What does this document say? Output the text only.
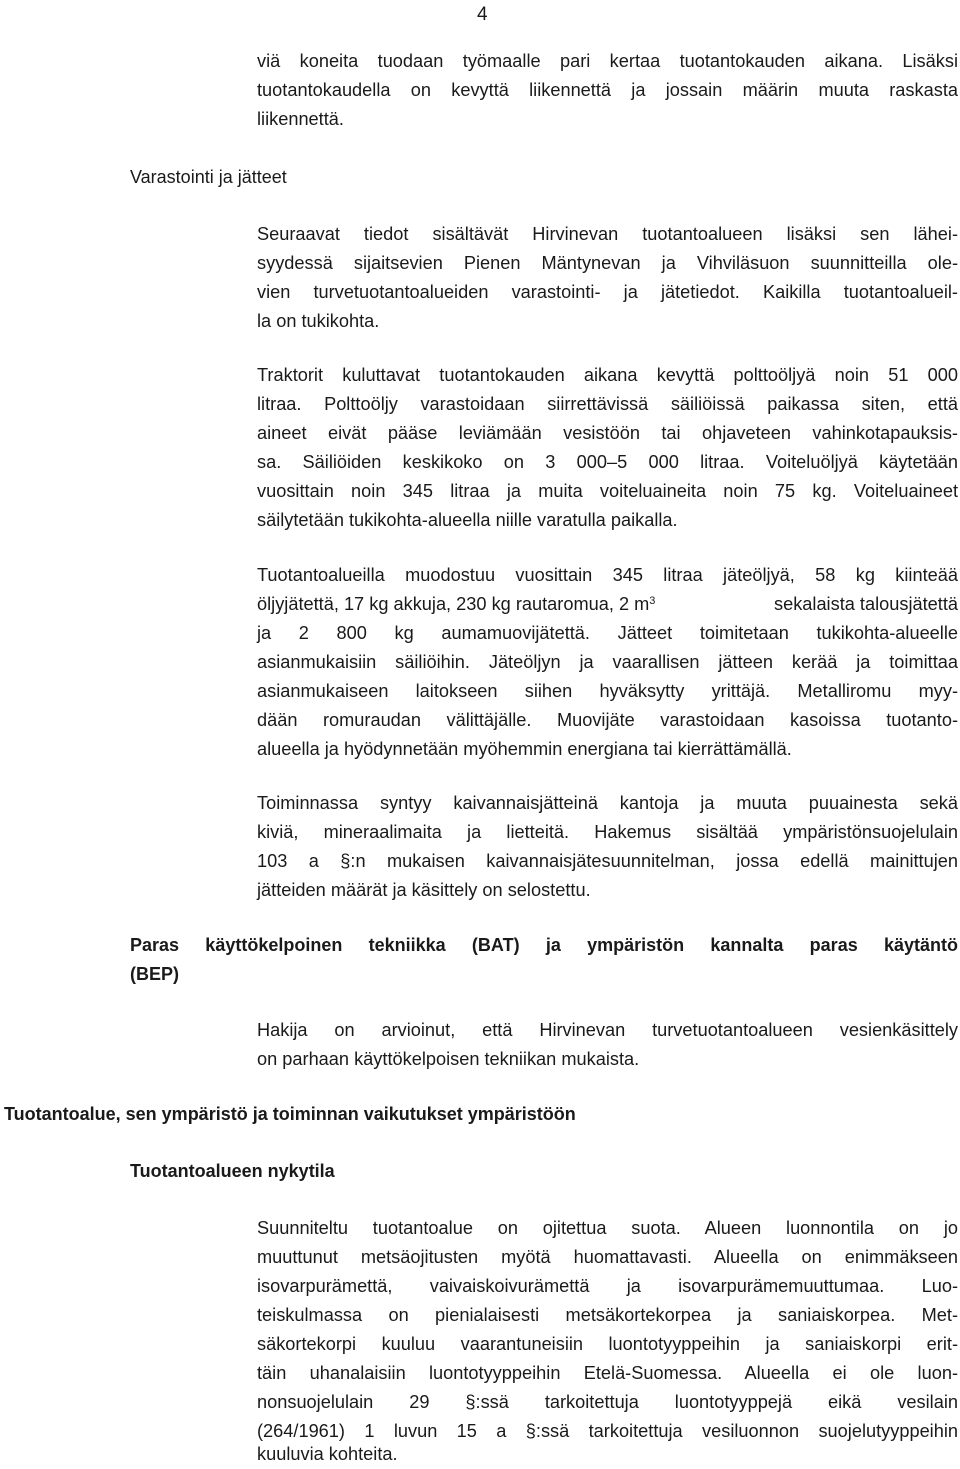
4
viä koneita tuodaan työmaalle pari kertaa tuotantokauden aikana. Lisäksi
tuotantokaudella on kevyttä liikennettä ja jossain määrin muuta raskasta
liikennettä.
Varastointi ja jätteet
Seuraavat tiedot sisältävät Hirvinevan tuotantoalueen lisäksi sen lähei-
syydessä sijaitsevien Pienen Mäntynevan ja Vihviläsuon suunnitteilla ole-
vien turvetuotantoalueiden varastointi- ja jätetiedot. Kaikilla tuotantoalueil-
la on tukikohta.
Traktorit kuluttavat tuotantokauden aikana kevyttä polttoöljyä noin 51 000
litraa. Polttoöljy varastoidaan siirrettävissä säiliöissä paikassa siten, että
aineet eivät pääse leviämään vesistöön tai ohjaveteen vahinkotapauksis-
sa. Säiliöiden keskikoko on 3 000–5 000 litraa. Voiteluöljyä käytetään
vuosittain noin 345 litraa ja muita voiteluaineita noin 75 kg. Voiteluaineet
säilytetään tukikohta-alueella niille varatulla paikalla.
Tuotantoalueilla muodostuu vuosittain 345 litraa jäteöljyä, 58 kg kiinteää
öljyjätettä, 17 kg akkuja, 230 kg rautaromua, 2 $m^3$	sekalaista talousjätettä
ja 2 800 kg aumamuovijätettä. Jätteet toimitetaan tukikohta-alueelle
asianmukaisiin säiliöihin. Jäteöljyn ja vaarallisen jätteen kerää ja toimittaa
asianmukaiseen laitokseen siihen hyväksytty yrittäjä. Metalliromu myy-
dään romuraudan välittäjälle. Muovijäte varastoidaan kasoissa tuotanto-
alueella ja hyödynnetään myöhemmin energiana tai kierrättämällä.
Toiminnassa syntyy kaivannaisjätteinä kantoja ja muuta puuainesta sekä
kiviä, mineraalimaita ja lietteitä. Hakemus sisältää ympäristönsuojelulain
103 a §:n mukaisen kaivannaisjätesuunnitelman, jossa edellä mainittujen
jätteiden määrät ja käsittely on selostettu.
Paras käyttökelpoinen tekniikka (BAT) ja ympäristön kannalta paras käytäntö
(BEP)
Hakija on arvioinut, että Hirvinevan turvetuotantoalueen vesienkäsittely
on parhaan käyttökelpoisen tekniikan mukaista.
Tuotantoalue, sen ympäristö ja toiminnan vaikutukset ympäristöön
Tuotantoalueen nykytila
Suunniteltu tuotantoalue on ojitettua suota. Alueen luonnontila on jo
muuttunut metsäojitusten myötä huomattavasti. Alueella on enimmäkseen
isovarpurämettä, vaivaiskoivurämettä ja isovarpurämemuuttumaa. Luo-
teiskulmassa on pienialaisesti metsäkortekorpea ja saniaiskorpea. Met-
säkortekorpi kuuluu vaarantuneisiin luontotyyppeihin ja saniaiskorpi erit-
täin uhanalaisiin luontotyyppeihin Etelä-Suomessa. Alueella ei ole luon-
nonsuojelulain 29 §:ssä tarkoitettuja luontotyyppejä eikä vesilain
(264/1961) 1 luvun 15 a §:ssä tarkoitettuja vesiluonnon suojelutyyppeihin
kuuluvia kohteita.
